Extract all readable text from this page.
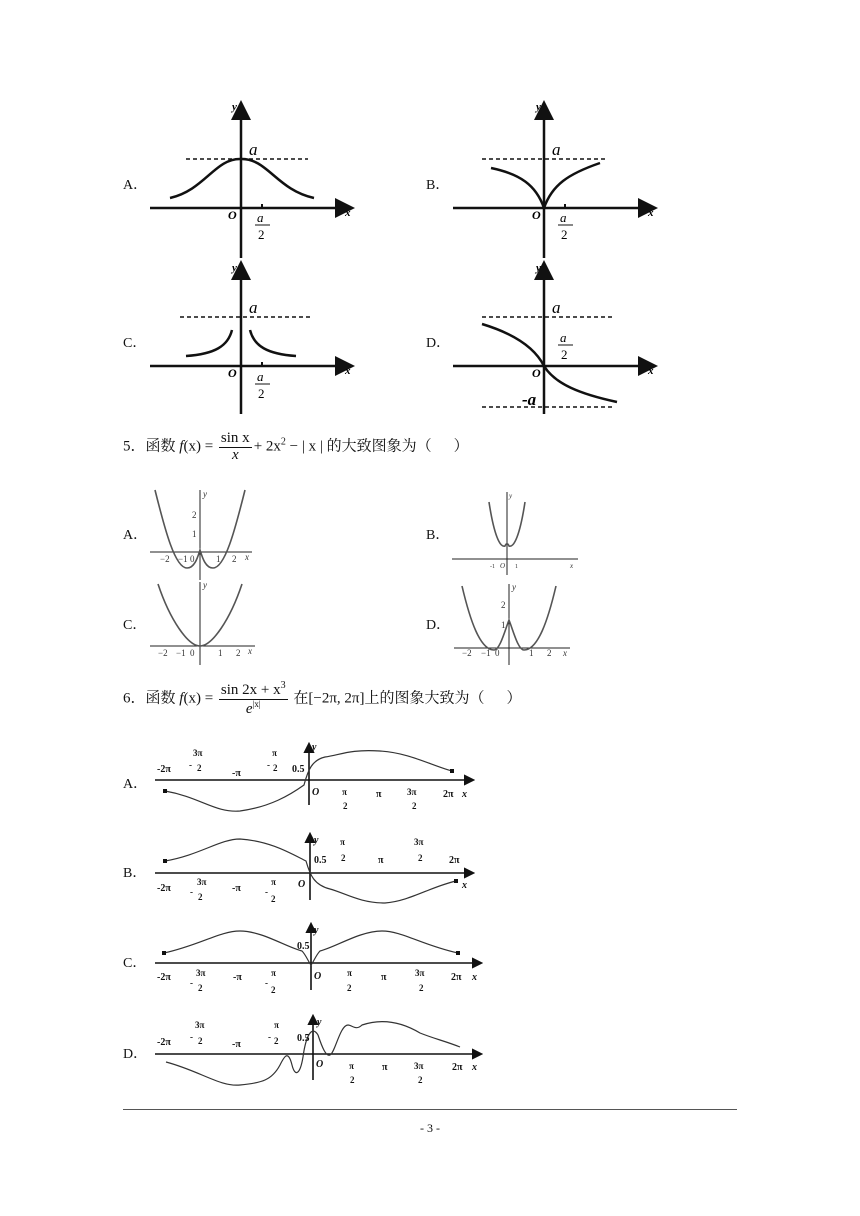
A．	B．
C．	D．
y
x
O
a
a
2
y
x
O
a
a
2
y
x
O
a
a
2
y
x
O
a
a
2
-a
5．函数 $f(x) = \frac{\text{sin x}}{x} + 2x^2$ − | x | 的大致图象为（ ）
A．	B．
C．	D．
−2 −1 0 1 2
1
2
y
x
-1 O 1
y
x
−2 −1 0	1 2
y
x	−2 −1 0	1 2
1
2
y
x
6．函数 $f(x) = \frac{\sin 2x + x^3}{e^{|x|}}$ 在[−2π, 2π]上的图象大致为（ ）
A．
B．
C．
D．
-2π
3π
- 2	-π
π
- 2 0.5
y
O	π
2
π	3π
2
2π x
y
0.5
π
2	π
3π
2	2π
-2π
3π
- 2
-π
π
-
2
O	x
y
0.5
O
-2π	3π
- 2
-π	π
-
2
π
2
π	3π
2
2π x
y
0.5
-2π
3π
- 2	-π
π
- 2
O	π
2
π	3π
2
2π x
- 3 -
